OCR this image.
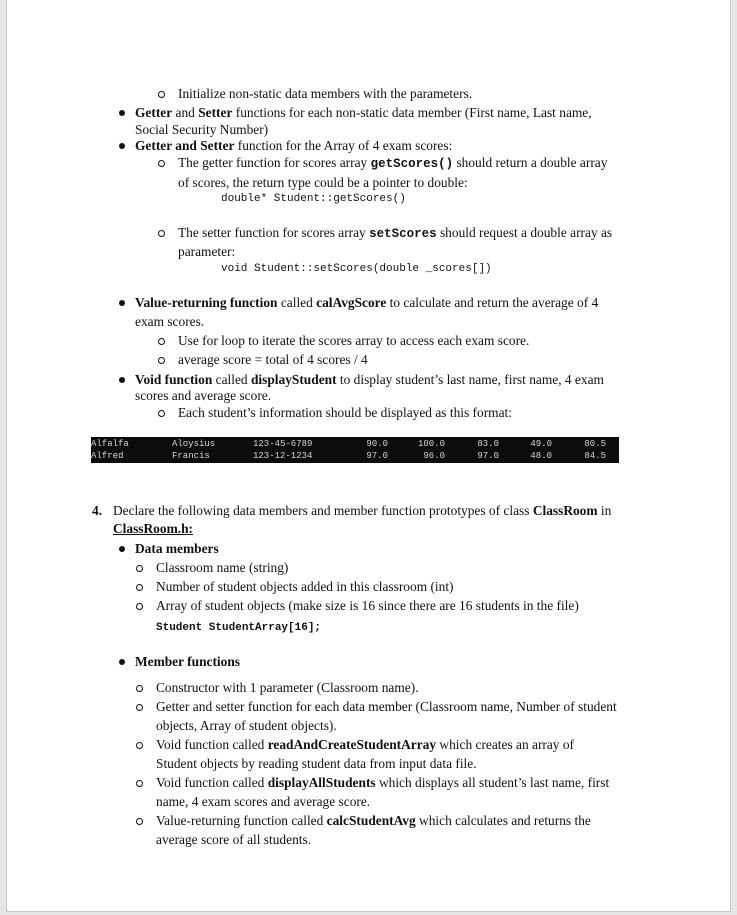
Initialize non-static data members with the parameters.
Getter and Setter functions for each non-static data member (First name, Last name,
Social Security Number)
Getter and Setter function for the Array of 4 exam scores:
The getter function for scores array getScores() should return a double array
of scores, the return type could be a pointer to double:
double* Student::getScores()
The setter function for scores array setScores should request a double array as
parameter:
void Student::setScores(double _scores[])
Value-returning function called calAvgScore to calculate and return the average of 4
exam scores.
Use for loop to iterate the scores array to access each exam score.
average score = total of 4 scores / 4
Void function called displayStudent to display student’s last name, first name, 4 exam
scores and average score.
Each student’s information should be displayed as this format:
Alfalfa	Aloysius	123-45-6789	90.0	100.0	83.0	49.0	80.5
Alfred	Francis	123-12-1234	97.0	96.0	97.0	48.0	84.5
4. Declare the following data members and member function prototypes of class ClassRoom in
ClassRoom.h:
Data members
Classroom name (string)
Number of student objects added in this classroom (int)
Array of student objects (make size is 16 since there are 16 students in the file)
Student StudentArray[16];
Member functions
Constructor with 1 parameter (Classroom name).
Getter and setter function for each data member (Classroom name, Number of student
objects, Array of student objects).
Void function called readAndCreateStudentArray which creates an array of
Student objects by reading student data from input data file.
Void function called displayAllStudents which displays all student’s last name, first
name, 4 exam scores and average score.
Value-returning function called calcStudentAvg which calculates and returns the
average score of all students.
